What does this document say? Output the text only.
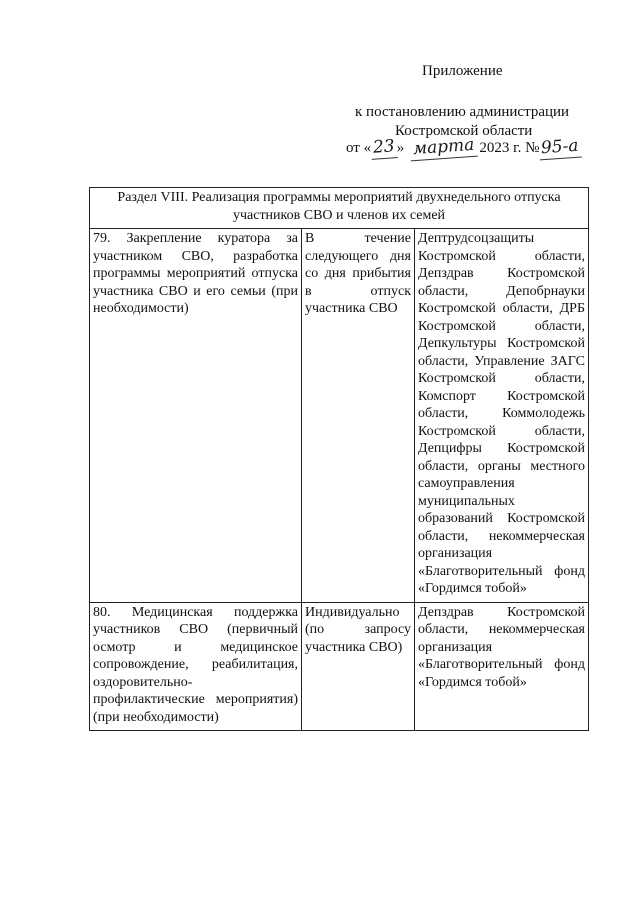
Приложение
к постановлению администрации
Костромской области
от «23» марта 2023 г. №95-а
Раздел VIII. Реализация программы мероприятий двухнедельного отпуска участников СВО и членов их семей		
79. Закрепление куратора за участником СВО, разработка программы мероприятий отпуска участника СВО и его семьи (при необходимости)	В течение следующего дня со дня прибытия в отпуск участника СВО	Дептрудсоцзащиты Костромской области, Депздрав Костромской области, Депобрнауки Костромской области, ДРБ Костромской области, Депкультуры Костромской области, Управление ЗАГС Костромской области, Комспорт Костромской области, Коммолодежь Костромской области, Депцифры Костромской области, органы местного самоуправления муниципальных образований Костромской области, некоммерческая организация «Благотворительный фонд «Гордимся тобой»
80. Медицинская поддержка участников СВО (первичный осмотр и медицинское сопровождение, реабилитация, оздоровительно-профилактические мероприятия) (при необходимости)	Индивидуально (по запросу участника СВО)	Депздрав Костромской области, некоммерческая организация «Благотворительный фонд «Гордимся тобой»
